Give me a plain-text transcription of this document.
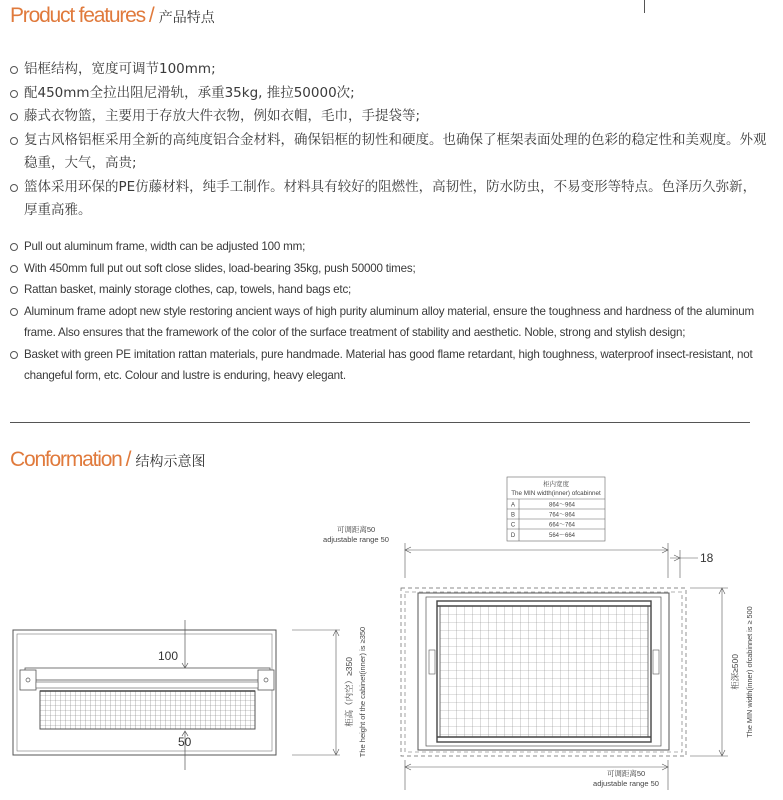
Product features / 产品特点
铝框结构，宽度可调节100mm;
配450mm全拉出阻尼滑轨，承重35kg, 推拉50000次;
藤式衣物篮，主要用于存放大件衣物，例如衣帽，毛巾，手提袋等;
复古风格铝框采用全新的高纯度铝合金材料，确保铝框的韧性和硬度。也确保了框架表面处理的色彩的稳定性和美观度。外观稳重，大气，高贵;
篮体采用环保的PE仿藤材料，纯手工制作。材料具有较好的阻燃性，高韧性，防水防虫，不易变形等特点。色泽历久弥新，厚重高雅。
Pull out aluminum frame, width can be adjusted 100 mm;
With 450mm full put out soft close slides, load-bearing 35kg, push 50000 times;
Rattan basket, mainly storage clothes, cap, towels, hand bags etc;
Aluminum frame adopt new style restoring ancient ways of high purity aluminum alloy material, ensure the toughness and hardness of the aluminum frame. Also ensures that the framework of the color of the surface treatment of stability and aesthetic. Noble, strong and stylish design;
Basket with green PE imitation rattan materials, pure handmade. Material has good flame retardant, high toughness, waterproof insect-resistant, not changeful form, etc. Colour and lustre is enduring, heavy elegant.
Conformation / 结构示意图
100
50
柜高（内空）≥350 The height of the cabinet(inner) is ≥350
柜内宽度
The MIN width(inner) ofcabinnet
A	864～964
B	764～864
C	664～764
D	564～664
可调距离50
adjustable range 50
18
可调距离50
adjustable range 50
柜深≥500 The MIN width(inner) ofcabinnet is ≥ 500
